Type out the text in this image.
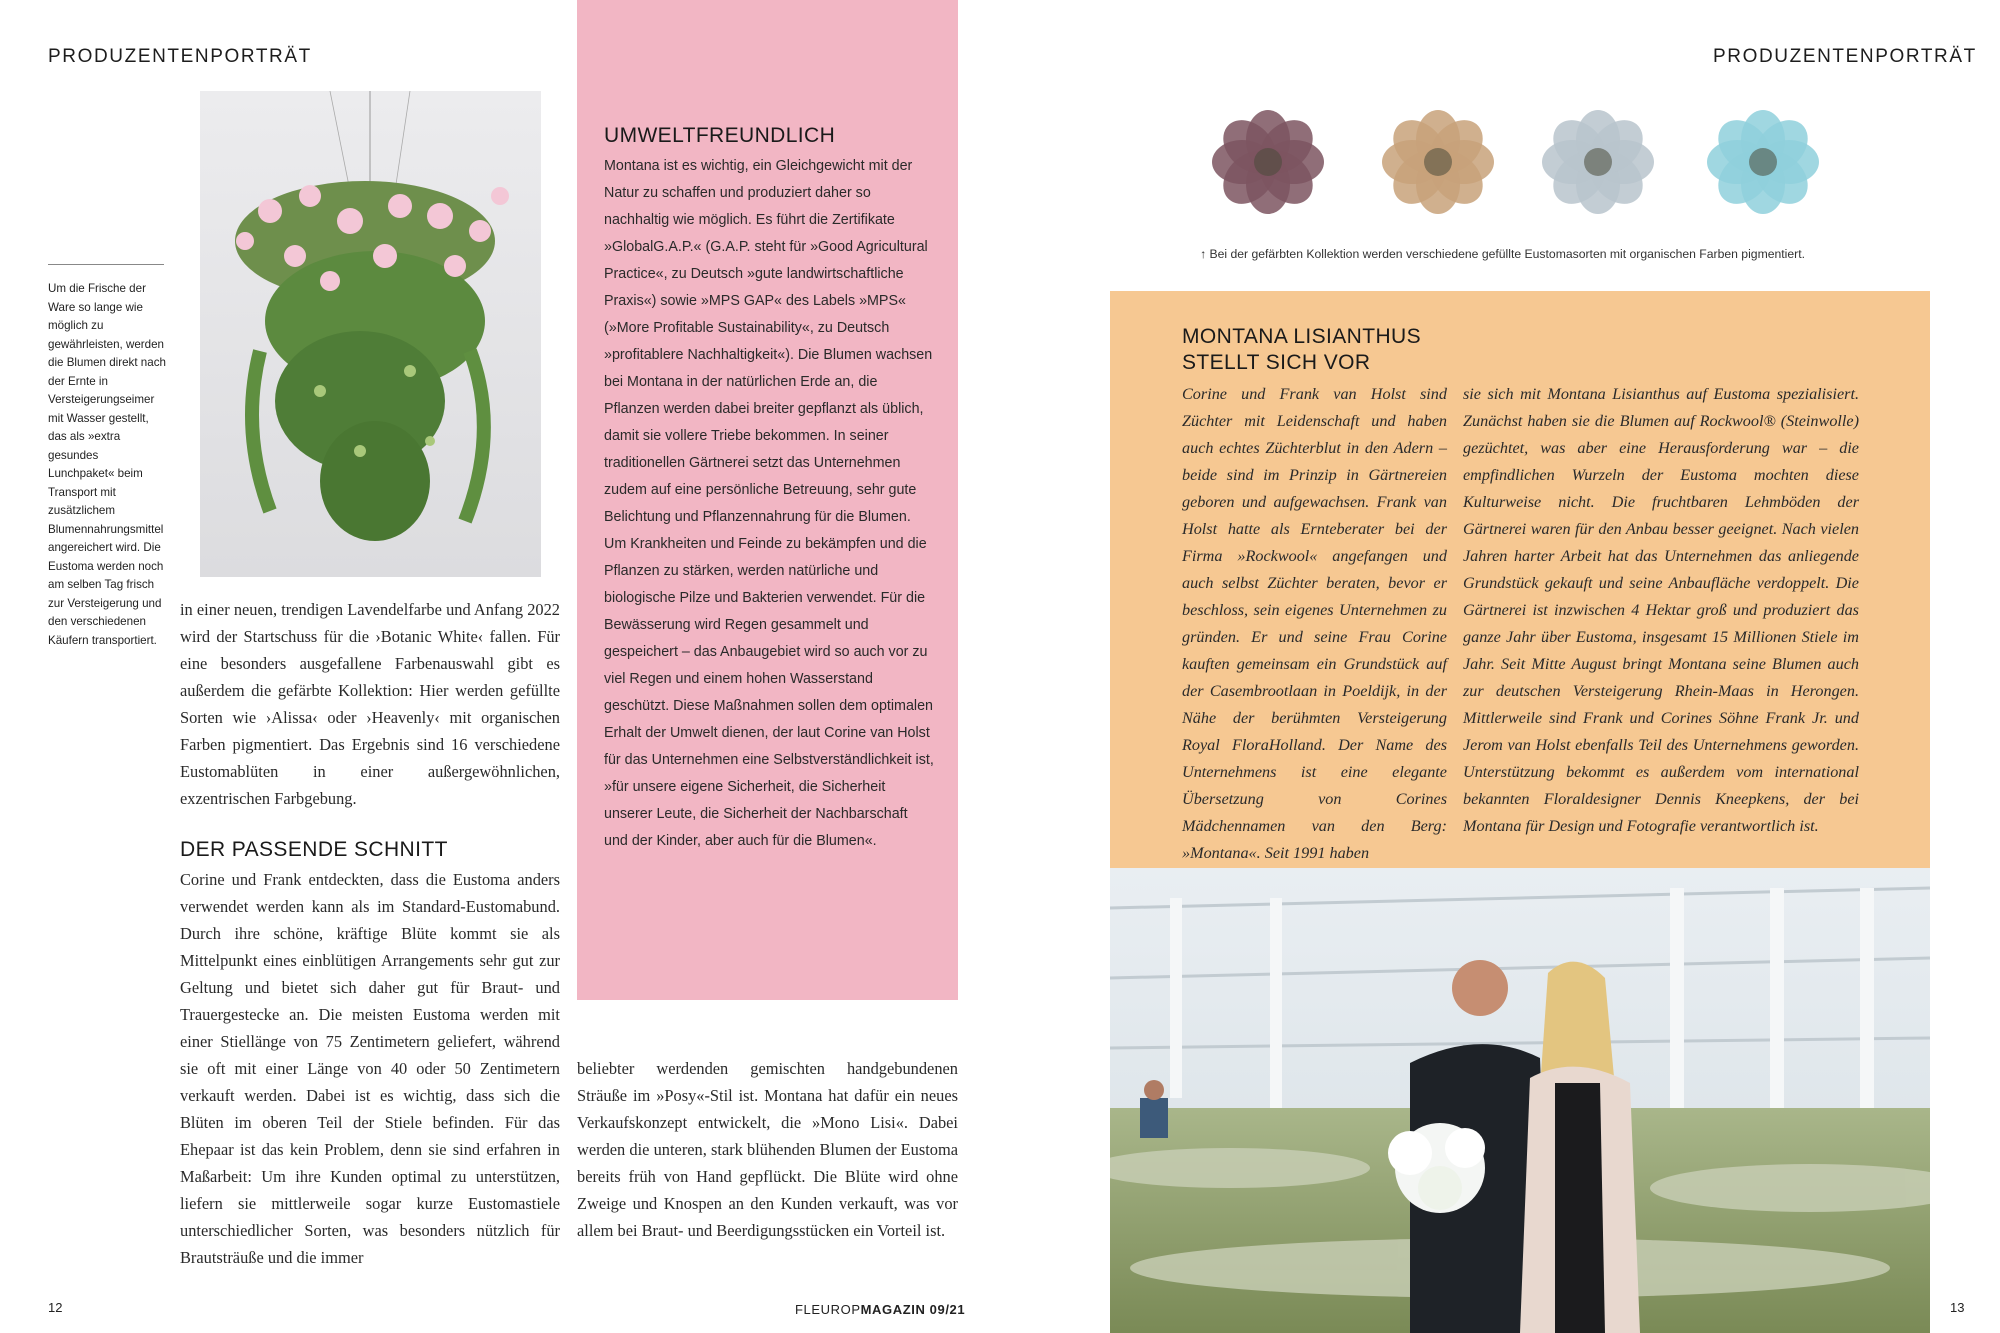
PRODUZENTENPORTRÄT
Um die Frische der Ware so lange wie möglich zu gewährleisten, werden die Blumen direkt nach der Ernte in Versteigerungseimer mit Wasser gestellt, das als »extra gesundes Lunchpaket« beim Transport mit zusätzlichem Blumennahrungsmittel angereichert wird. Die Eustoma werden noch am selben Tag frisch zur Versteigerung und den verschiedenen Käufern transportiert.
in einer neuen, trendigen Lavendelfarbe und Anfang 2022 wird der Startschuss für die ›Botanic White‹ fallen. Für eine besonders ausgefallene Farbenauswahl gibt es außerdem die gefärbte Kollektion: Hier werden gefüllte Sorten wie ›Alissa‹ oder ›Heavenly‹ mit organischen Farben pigmentiert. Das Ergebnis sind 16 verschiedene Eustomablüten in einer außergewöhnlichen, exzentrischen Farbgebung.
DER PASSENDE SCHNITT
Corine und Frank entdeckten, dass die Eustoma anders verwendet werden kann als im Standard-Eustomabund. Durch ihre schöne, kräftige Blüte kommt sie als Mittelpunkt eines einblütigen Arrangements sehr gut zur Geltung und bietet sich daher gut für Braut- und Trauergestecke an. Die meisten Eustoma werden mit einer Stiellänge von 75 Zentimetern geliefert, während sie oft mit einer Länge von 40 oder 50 Zentimetern verkauft werden. Dabei ist es wichtig, dass sich die Blüten im oberen Teil der Stiele befinden. Für das Ehepaar ist das kein Problem, denn sie sind erfahren in Maßarbeit: Um ihre Kunden optimal zu unterstützen, liefern sie mittlerweile sogar kurze Eustomastiele unterschiedlicher Sorten, was besonders nützlich für Brautsträuße und die immer
UMWELTFREUNDLICH
Montana ist es wichtig, ein Gleichgewicht mit der Natur zu schaffen und produziert daher so nachhaltig wie möglich. Es führt die Zertifikate »GlobalG.A.P.« (G.A.P. steht für »Good Agricultural Practice«, zu Deutsch »gute landwirtschaftliche Praxis«) sowie »MPS GAP« des Labels »MPS« (»More Profitable Sustainability«, zu Deutsch »profitablere Nachhaltigkeit«). Die Blumen wachsen bei Montana in der natürlichen Erde an, die Pflanzen werden dabei breiter gepflanzt als üblich, damit sie vollere Triebe bekommen. In seiner traditionellen Gärtnerei setzt das Unternehmen zudem auf eine persönliche Betreuung, sehr gute Belichtung und Pflanzennahrung für die Blumen. Um Krankheiten und Feinde zu bekämpfen und die Pflanzen zu stärken, werden natürliche und biologische Pilze und Bakterien verwendet. Für die Bewässerung wird Regen gesammelt und gespeichert – das Anbaugebiet wird so auch vor zu viel Regen und einem hohen Wasserstand geschützt. Diese Maßnahmen sollen dem optimalen Erhalt der Umwelt dienen, der laut Corine van Holst für das Unternehmen eine Selbstverständlichkeit ist, »für unsere eigene Sicherheit, die Sicherheit unserer Leute, die Sicherheit der Nachbarschaft und der Kinder, aber auch für die Blumen«.
beliebter werdenden gemischten handgebundenen Sträuße im »Posy«-Stil ist. Montana hat dafür ein neues Verkaufskonzept entwickelt, die »Mono Lisi«. Dabei werden die unteren, stark blühenden Blumen der Eustoma bereits früh von Hand gepflückt. Die Blüte wird ohne Zweige und Knospen an den Kunden verkauft, was vor allem bei Braut- und Beerdigungsstücken ein Vorteil ist.
12	FLEUROPMAGAZIN 09/21
PRODUZENTENPORTRÄT
↑ Bei der gefärbten Kollektion werden verschiedene gefüllte Eustomasorten mit organischen Farben pigmentiert.
MONTANA LISIANTHUS
STELLT SICH VOR
Corine und Frank van Holst sind Züchter mit Leidenschaft und haben auch echtes Züchterblut in den Adern – beide sind im Prinzip in Gärtnereien geboren und aufgewachsen. Frank van Holst hatte als Ernteberater bei der Firma »Rockwool« angefangen und auch selbst Züchter beraten, bevor er beschloss, sein eigenes Unternehmen zu gründen. Er und seine Frau Corine kauften gemeinsam ein Grundstück auf der Casembrootlaan in Poeldijk, in der Nähe der berühmten Versteigerung Royal FloraHolland. Der Name des Unternehmens ist eine elegante Übersetzung von Corines Mädchennamen van den Berg: »Montana«. Seit 1991 haben
sie sich mit Montana Lisianthus auf Eustoma spezialisiert. Zunächst haben sie die Blumen auf Rockwool® (Steinwolle) gezüchtet, was aber eine Herausforderung war – die empfindlichen Wurzeln der Eustoma mochten diese Kulturweise nicht. Die fruchtbaren Lehmböden der Gärtnerei waren für den Anbau besser geeignet. Nach vielen Jahren harter Arbeit hat das Unternehmen das anliegende Grundstück gekauft und seine Anbaufläche verdoppelt. Die Gärtnerei ist inzwischen 4 Hektar groß und produziert das ganze Jahr über Eustoma, insgesamt 15 Millionen Stiele im Jahr. Seit Mitte August bringt Montana seine Blumen auch zur deutschen Versteigerung Rhein-Maas in Herongen. Mittlerweile sind Frank und Corines Söhne Frank Jr. und Jerom van Holst ebenfalls Teil des Unternehmens geworden. Unterstützung bekommt es außerdem vom international bekannten Floraldesigner Dennis Kneepkens, der bei Montana für Design und Fotografie verantwortlich ist.
13
